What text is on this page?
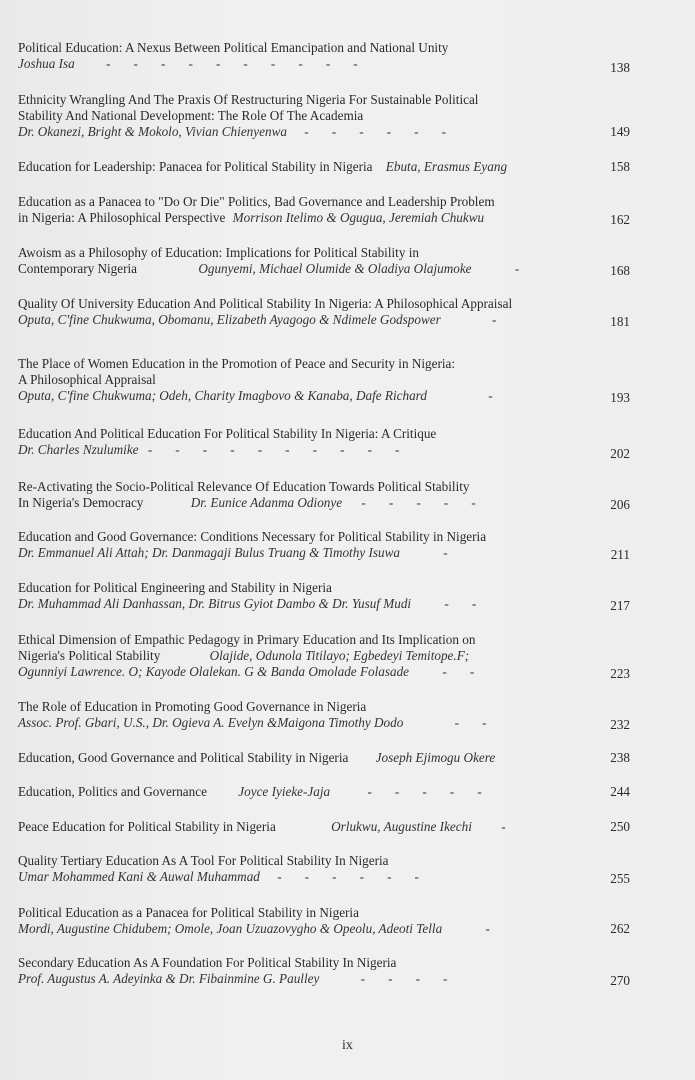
Political Education: A Nexus Between Political Emancipation and National Unity
Joshua Isa -       -       -       -       -       -       -       -       -       -	138
Ethnicity Wrangling And The Praxis Of Restructuring Nigeria For Sustainable Political
Stability And National Development: The Role Of The Academia
Dr. Okanezi, Bright & Mokolo, Vivian Chienyenwa -       -       -       -       -       -	149
Education for Leadership: Panacea for Political Stability in Nigeria Ebuta, Erasmus Eyang	158
Education as a Panacea to "Do Or Die" Politics, Bad Governance and Leadership Problem
in Nigeria: A Philosophical Perspective Morrison Itelimo & Ogugua, Jeremiah Chukwu	162
Awoism as a Philosophy of Education: Implications for Political Stability in
Contemporary Nigeria	Ogunyemi, Michael Olumide & Oladiya Olajumoke	-	168
Quality Of University Education And Political Stability In Nigeria: A Philosophical Appraisal
Oputa, C'fine Chukwuma, Obomanu, Elizabeth Ayagogo & Ndimele Godspower	-	181
The Place of Women Education in the Promotion of Peace and Security in Nigeria:
A Philosophical Appraisal
Oputa, C'fine Chukwuma; Odeh, Charity Imagbovo & Kanaba, Dafe Richard	-	193
Education And Political Education For Political Stability In Nigeria: A Critique
Dr. Charles Nzulumike -       -       -       -       -       -       -       -       -       -	202
Re-Activating the Socio-Political Relevance Of Education Towards Political Stability
In Nigeria's Democracy	Dr. Eunice Adanma Odionye -       -       -       -       -	206
Education and Good Governance: Conditions Necessary for Political Stability in Nigeria
Dr. Emmanuel Ali Attah; Dr. Danmagaji Bulus Truang & Timothy Isuwa	-	211
Education for Political Engineering and Stability in Nigeria
Dr. Muhammad Ali Danhassan, Dr. Bitrus Gyiot Dambo & Dr. Yusuf Mudi	-       -	217
Ethical Dimension of Empathic Pedagogy in Primary Education and Its Implication on
Nigeria's Political Stability	Olajide, Odunola Titilayo; Egbedeyi Temitope.F;
Ogunniyi Lawrence. O; Kayode Olalekan. G & Banda Omolade Folasade	-       -	223
The Role of Education in Promoting Good Governance in Nigeria
Assoc. Prof. Gbari, U.S., Dr. Ogieva A. Evelyn &Maigona Timothy Dodo	-       -	232
Education, Good Governance and Political Stability in Nigeria Joseph Ejimogu Okere	238
Education, Politics and Governance Joyce Iyieke-Jaja	-       -       -       -       -	244
Peace Education for Political Stability in Nigeria	Orlukwu, Augustine Ikechi -	250
Quality Tertiary Education As A Tool For Political Stability In Nigeria
Umar Mohammed Kani & Auwal Muhammad -       -       -       -       -       -	255
Political Education as a Panacea for Political Stability in Nigeria
Mordi, Augustine Chidubem; Omole, Joan Uzuazovygho & Opeolu, Adeoti Tella	-	262
Secondary Education As A Foundation For Political Stability In Nigeria
Prof. Augustus A. Adeyinka & Dr. Fibainmine G. Paulley	-       -       -       -	270
ix
